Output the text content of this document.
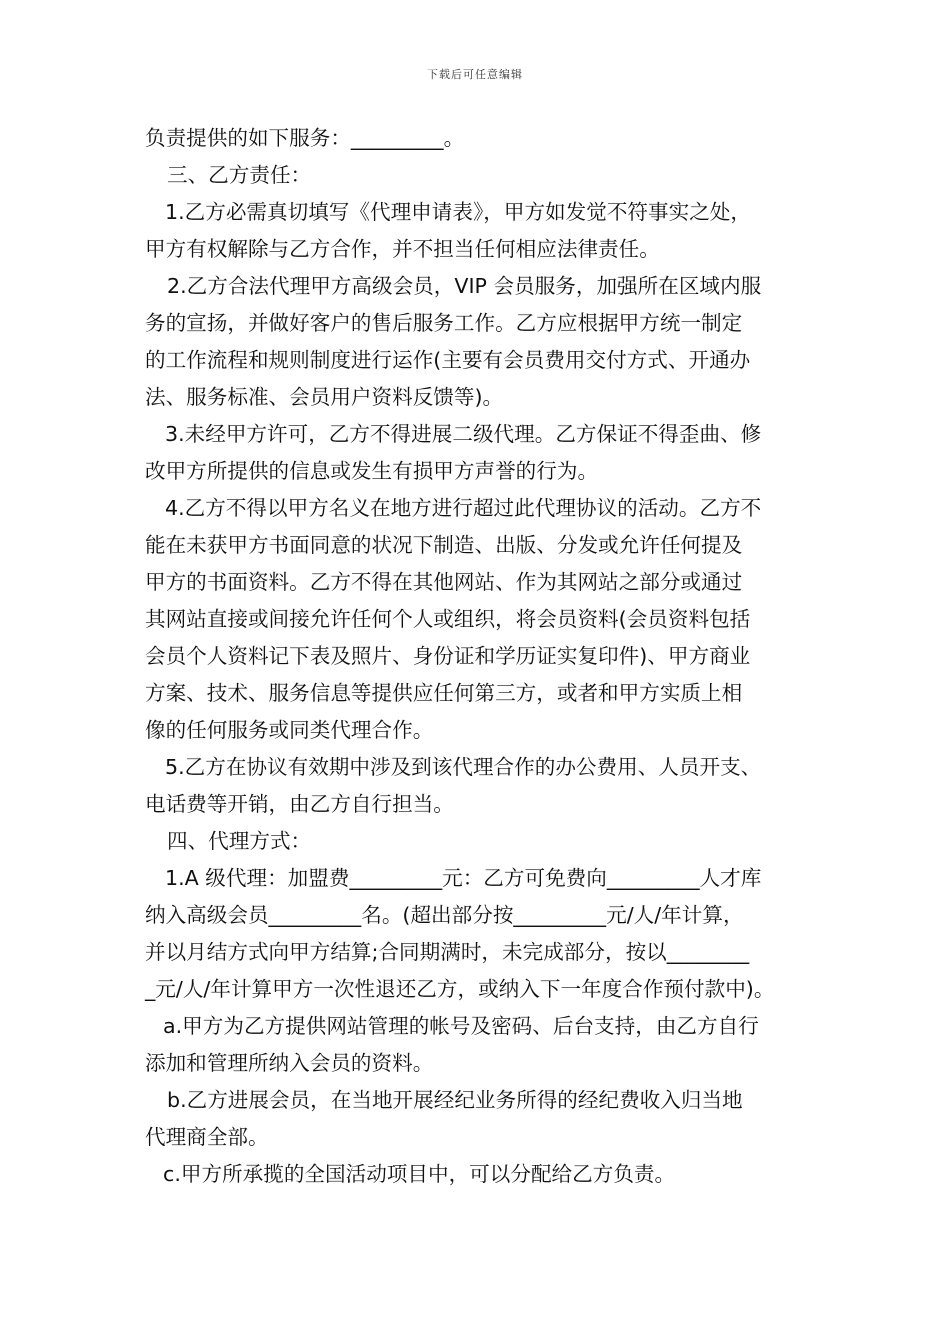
下载后可任意编辑
负责提供的如下服务：_________。
三、乙方责任：
1.乙方必需真切填写《代理申请表》，甲方如发觉不符事实之处，
甲方有权解除与乙方合作，并不担当任何相应法律责任。
2.乙方合法代理甲方高级会员，VIP 会员服务，加强所在区域内服
务的宣扬，并做好客户的售后服务工作。乙方应根据甲方统一制定
的工作流程和规则制度进行运作(主要有会员费用交付方式、开通办
法、服务标准、会员用户资料反馈等)。
3.未经甲方许可，乙方不得进展二级代理。乙方保证不得歪曲、修
改甲方所提供的信息或发生有损甲方声誉的行为。
4.乙方不得以甲方名义在地方进行超过此代理协议的活动。乙方不
能在未获甲方书面同意的状况下制造、出版、分发或允许任何提及
甲方的书面资料。乙方不得在其他网站、作为其网站之部分或通过
其网站直接或间接允许任何个人或组织，将会员资料(会员资料包括
会员个人资料记下表及照片、身份证和学历证实复印件)、甲方商业
方案、技术、服务信息等提供应任何第三方，或者和甲方实质上相
像的任何服务或同类代理合作。
5.乙方在协议有效期中涉及到该代理合作的办公费用、人员开支、
电话费等开销，由乙方自行担当。
四、代理方式：
1.A 级代理：加盟费_________元：乙方可免费向_________人才库
纳入高级会员_________名。(超出部分按_________元/人/年计算，
并以月结方式向甲方结算;合同期满时，未完成部分，按以________
_元/人/年计算甲方一次性退还乙方，或纳入下一年度合作预付款中)。
a.甲方为乙方提供网站管理的帐号及密码、后台支持，由乙方自行
添加和管理所纳入会员的资料。
b.乙方进展会员，在当地开展经纪业务所得的经纪费收入归当地
代理商全部。
c.甲方所承揽的全国活动项目中，可以分配给乙方负责。
